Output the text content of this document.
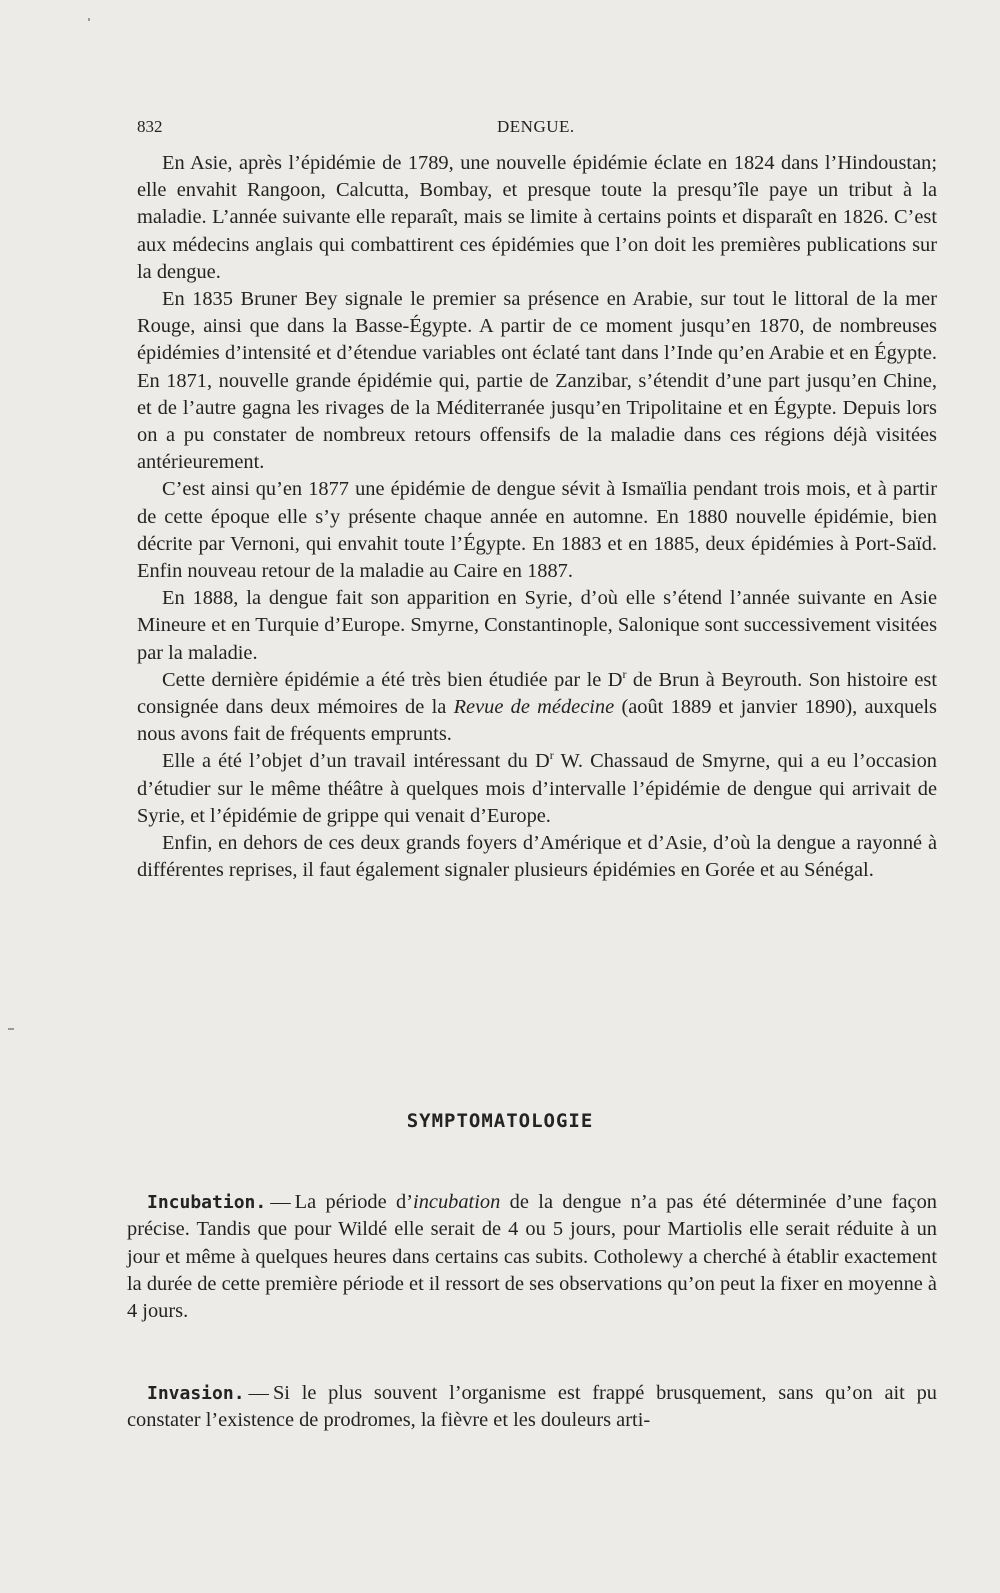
832	DENGUE.

En Asie, après l’épidémie de 1789, une nouvelle épidémie éclate en 1824 dans l’Hindoustan; elle envahit Rangoon, Calcutta, Bombay, et presque toute la presqu’île paye un tribut à la maladie. L’année suivante elle reparaît, mais se limite à certains points et disparaît en 1826. C’est aux médecins anglais qui combattirent ces épidémies que l’on doit les premières publications sur la dengue.

En 1835 Bruner Bey signale le premier sa présence en Arabie, sur tout le littoral de la mer Rouge, ainsi que dans la Basse-Égypte. A partir de ce moment jusqu’en 1870, de nombreuses épidémies d’intensité et d’étendue variables ont éclaté tant dans l’Inde qu’en Arabie et en Égypte. En 1871, nouvelle grande épidémie qui, partie de Zanzibar, s’étendit d’une part jusqu’en Chine, et de l’autre gagna les rivages de la Méditerranée jusqu’en Tripolitaine et en Égypte. Depuis lors on a pu constater de nombreux retours offensifs de la maladie dans ces régions déjà visitées antérieurement.

C’est ainsi qu’en 1877 une épidémie de dengue sévit à Ismaïlia pendant trois mois, et à partir de cette époque elle s’y présente chaque année en automne. En 1880 nouvelle épidémie, bien décrite par Vernoni, qui envahit toute l’Égypte. En 1883 et en 1885, deux épidémies à Port-Saïd. Enfin nouveau retour de la maladie au Caire en 1887.

En 1888, la dengue fait son apparition en Syrie, d’où elle s’étend l’année suivante en Asie Mineure et en Turquie d’Europe. Smyrne, Constantinople, Salonique sont successivement visitées par la maladie.

Cette dernière épidémie a été très bien étudiée par le $D^r$ de Brun à Beyrouth. Son histoire est consignée dans deux mémoires de la Revue de médecine (août 1889 et janvier 1890), auxquels nous avons fait de fréquents emprunts.

Elle a été l’objet d’un travail intéressant du $D^r$ W. Chassaud de Smyrne, qui a eu l’occasion d’étudier sur le même théâtre à quelques mois d’intervalle l’épidémie de dengue qui arrivait de Syrie, et l’épidémie de grippe qui venait d’Europe.

Enfin, en dehors de ces deux grands foyers d’Amérique et d’Asie, d’où la dengue a rayonné à différentes reprises, il faut également signaler plusieurs épidémies en Gorée et au Sénégal.

SYMPTOMATOLOGIE

Incubation. — La période d’incubation de la dengue n’a pas été déterminée d’une façon précise. Tandis que pour Wildé elle serait de 4 ou 5 jours, pour Martiolis elle serait réduite à un jour et même à quelques heures dans certains cas subits. Cotholewy a cherché à établir exactement la durée de cette première période et il ressort de ses observations qu’on peut la fixer en moyenne à 4 jours.

Invasion. — Si le plus souvent l’organisme est frappé brusquement, sans qu’on ait pu constater l’existence de prodromes, la fièvre et les douleurs arti-
